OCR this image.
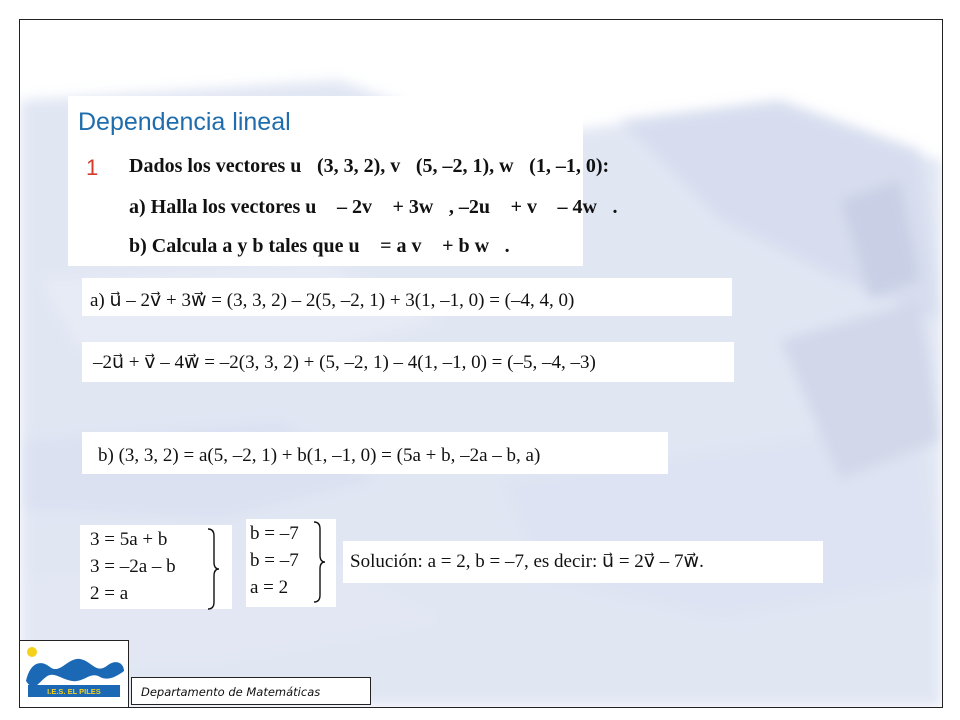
Dependencia lineal
1 Dados los vectores u⃗(3, 3, 2), v⃗(5, –2, 1), w⃗(1, –1, 0):
a) Halla los vectores u⃗ – 2v⃗ + 3w⃗, –2u⃗ + v⃗ – 4w⃗.
b) Calcula a y b tales que u⃗ = a v⃗ + b w⃗.
a) u⃗ – 2v⃗ + 3w⃗ = (3, 3, 2) – 2(5, –2, 1) + 3(1, –1, 0) = (–4, 4, 0)
–2u⃗ + v⃗ – 4w⃗ = –2(3, 3, 2) + (5, –2, 1) – 4(1, –1, 0) = (–5, –4, –3)
b) (3, 3, 2) = a(5, –2, 1) + b(1, –1, 0) = (5a + b, –2a – b, a)
3 = 5a + b
3 = –2a – b
2 = a
b = –7
b = –7
a = 2
Solución: a = 2, b = –7, es decir: u⃗ = 2v⃗ – 7w⃗.
I.E.S. EL PILES	Departamento de Matemáticas
